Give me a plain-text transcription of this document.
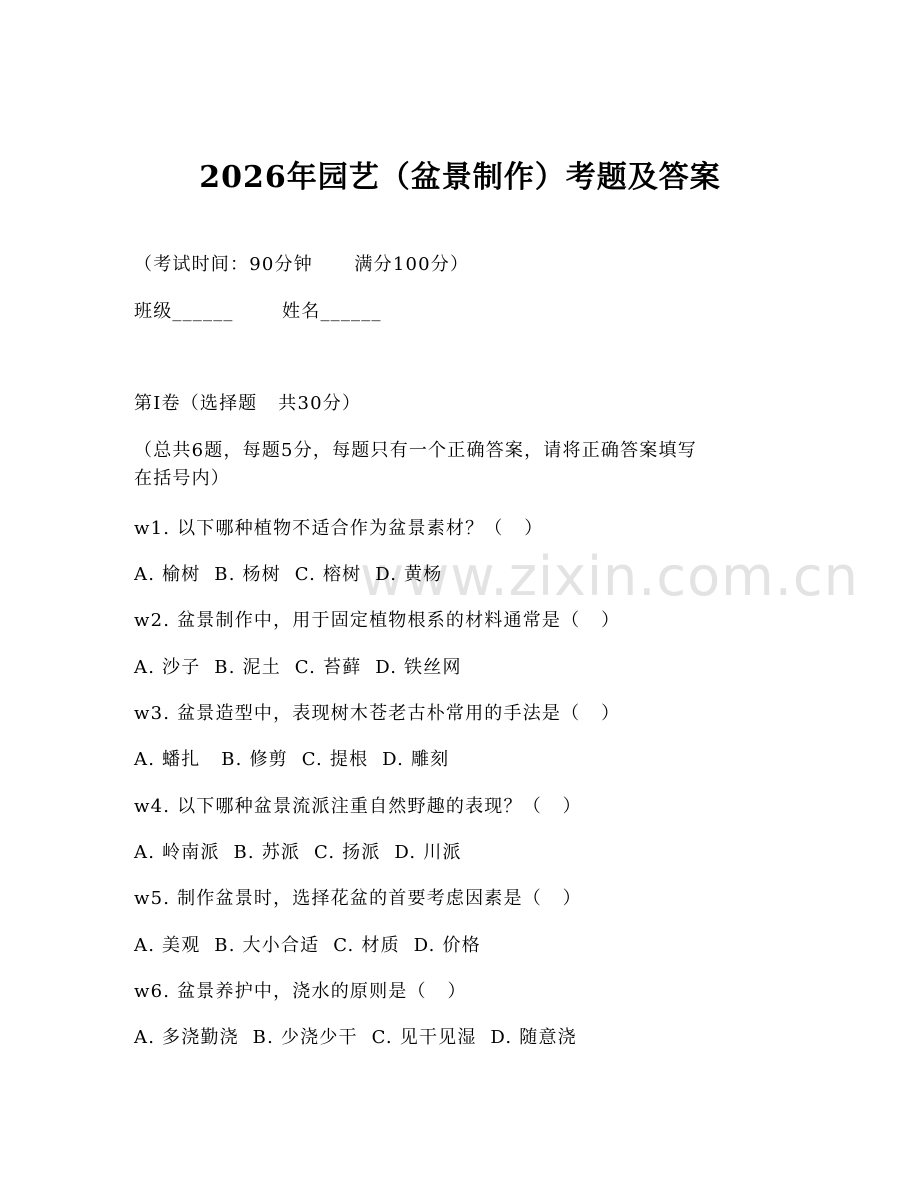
www.zixin.com.cn
2026年园艺（盆景制作）考题及答案
（考试时间：90分钟      满分100分）
班级______       姓名______
第Ⅰ卷（选择题   共30分）
（总共6题，每题5分，每题只有一个正确答案，请将正确答案填写
在括号内）
w1. 以下哪种植物不适合作为盆景素材？（   ）
A. 榆树  B. 杨树  C. 榕树  D. 黄杨
w2. 盆景制作中，用于固定植物根系的材料通常是（   ）
A. 沙子  B. 泥土  C. 苔藓  D. 铁丝网
w3. 盆景造型中，表现树木苍老古朴常用的手法是（   ）
A. 蟠扎   B. 修剪  C. 提根  D. 雕刻
w4. 以下哪种盆景流派注重自然野趣的表现？（   ）
A. 岭南派  B. 苏派  C. 扬派  D. 川派
w5. 制作盆景时，选择花盆的首要考虑因素是（   ）
A. 美观  B. 大小合适  C. 材质  D. 价格
w6. 盆景养护中，浇水的原则是（   ）
A. 多浇勤浇  B. 少浇少干  C. 见干见湿  D. 随意浇
